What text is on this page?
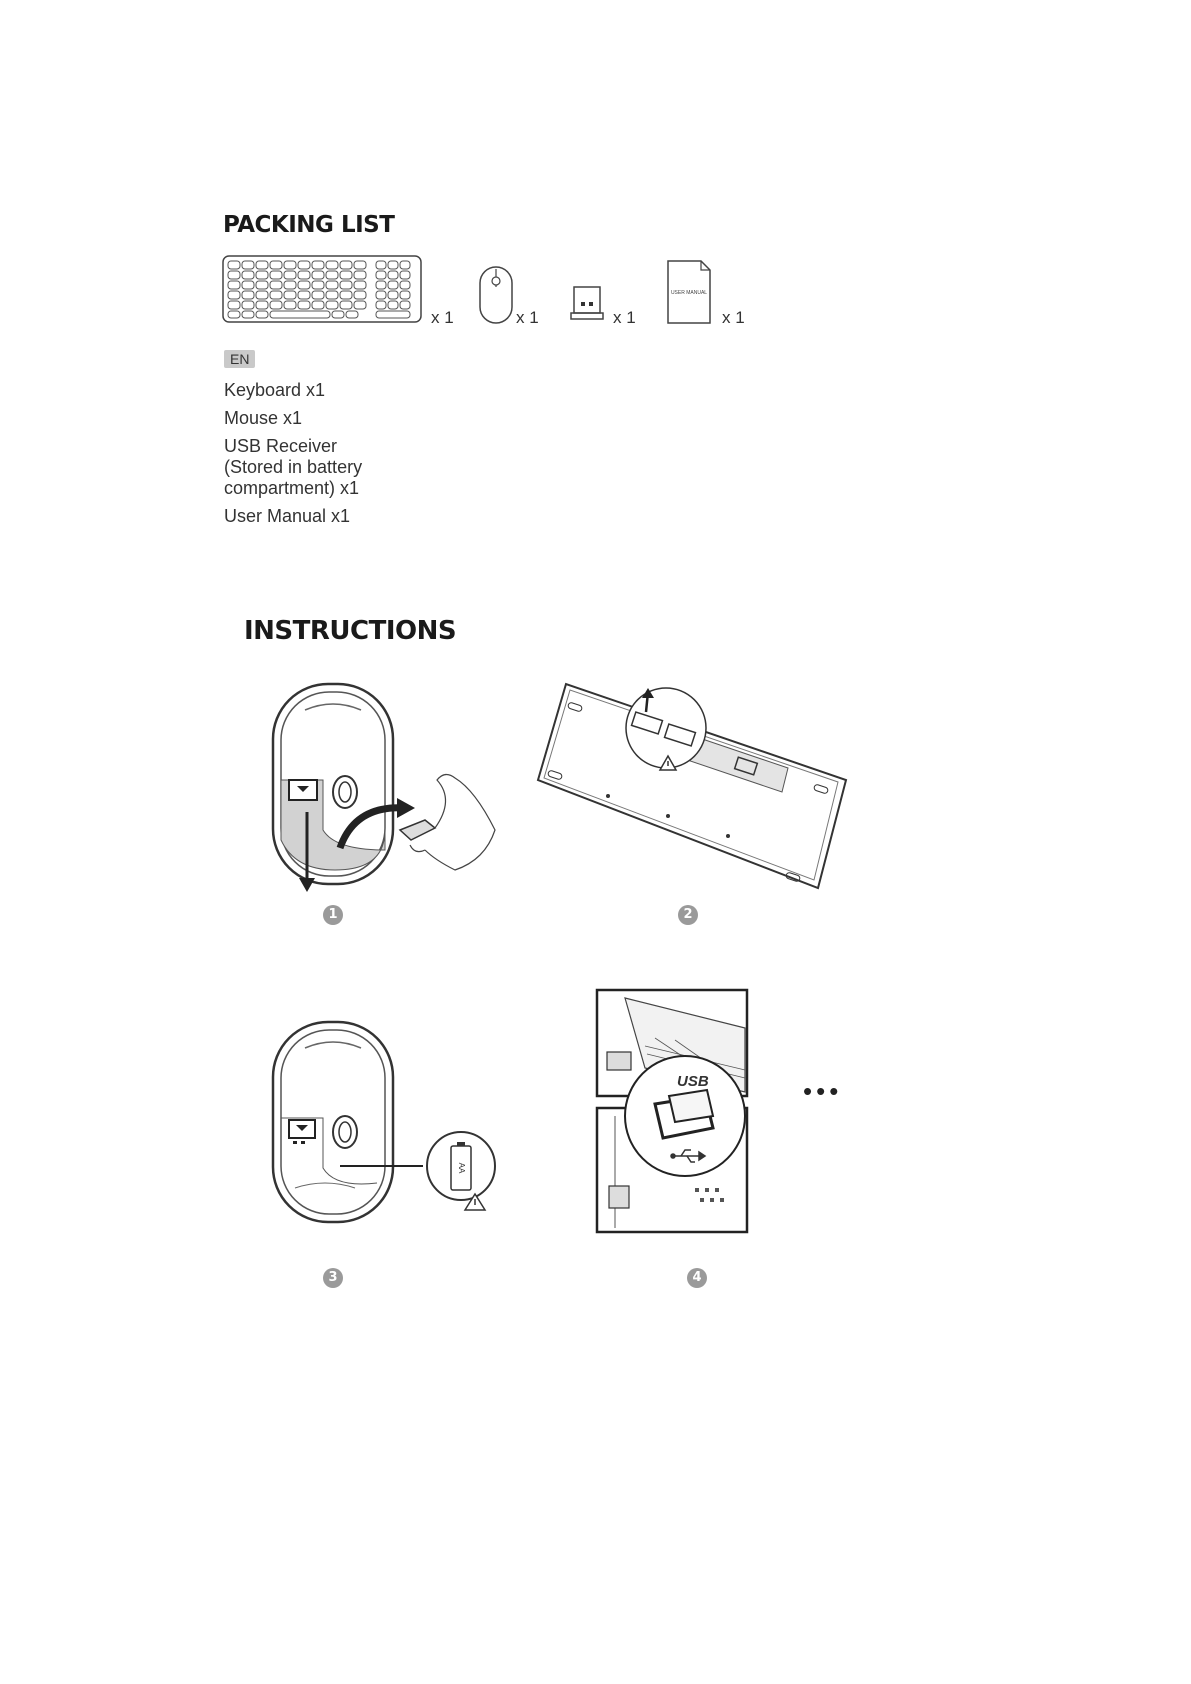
PACKING LIST
x 1	x 1	x 1
USER MANUAL
x 1
EN
Keyboard x1
Mouse x1
USB Receiver
(Stored in battery
compartment) x1
User Manual x1
INSTRUCTIONS
1	2
AA
3
USB	•••
4
